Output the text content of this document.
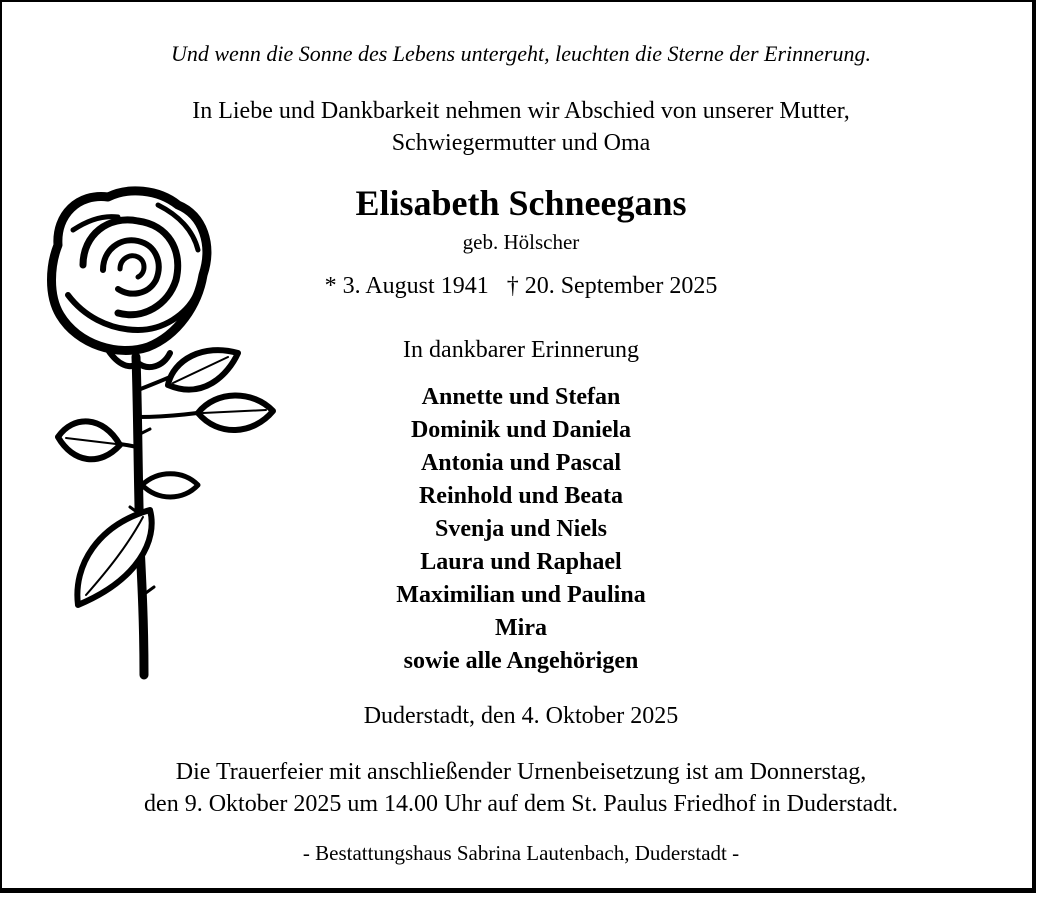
Und wenn die Sonne des Lebens untergeht, leuchten die Sterne der Erinnerung.
In Liebe und Dankbarkeit nehmen wir Abschied von unserer Mutter,
Schwiegermutter und Oma
Elisabeth Schneegans
geb. Hölscher
* 3. August 1941 † 20. September 2025
In dankbarer Erinnerung
Annette und Stefan
Dominik und Daniela
Antonia und Pascal
Reinhold und Beata
Svenja und Niels
Laura und Raphael
Maximilian und Paulina
Mira
sowie alle Angehörigen
Duderstadt, den 4. Oktober 2025
Die Trauerfeier mit anschließender Urnenbeisetzung ist am Donnerstag,
den 9. Oktober 2025 um 14.00 Uhr auf dem St. Paulus Friedhof in Duderstadt.
- Bestattungshaus Sabrina Lautenbach, Duderstadt -
